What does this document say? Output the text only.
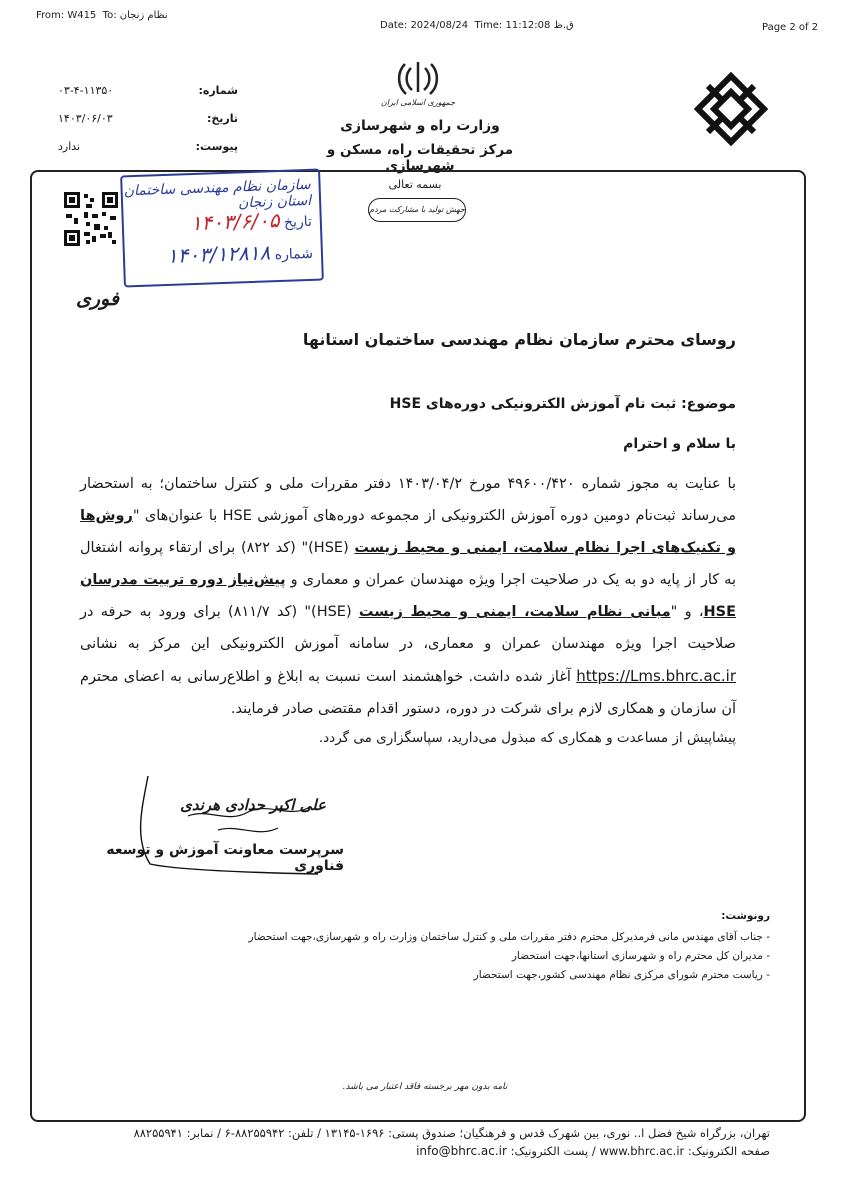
From: W415 To: نظام زنجان
Date: 2024/08/24 Time: 11:12:08 ق.ظ	Page 2 of 2
شماره:
۰۳-۴-۱۱۳۵۰
تاریخ:
۱۴۰۳/۰۶/۰۳
پیوست:
ندارد
جمهوری اسلامی ایران
وزارت راه و شهرسازی
مرکز تحقیقات راه، مسکن و شهرسازی
بسمه تعالی
جهش تولید با مشارکت مردم
سازمان نظام مهندسی ساختمان استان زنجان
تاریخ ۱۴۰۳/۶/۰۵
شماره ۱۴۰۳/۱۲۸۱۸
فوری
روسای محترم سازمان نظام مهندسی ساختمان استانها
موضوع: ثبت نام آموزش الکترونیکی دوره‌های HSE
با سلام و احترام
با عنایت به مجوز شماره ۴۹۶۰۰/۴۲۰ مورخ ۱۴۰۳/۰۴/۲ دفتر مقررات ملی و کنترل ساختمان؛ به استحضار می‌رساند ثبت‌نام دومین دوره آموزش الکترونیکی از مجموعه دوره‌های آموزشی HSE با عنوان‌های "روش‌ها و تکنیک‌های اجرا نظام سلامت، ایمنی و محیط زیست (HSE)" (کد ۸۲۲) برای ارتقاء پروانه اشتغال به کار از پایه دو به یک در صلاحیت اجرا ویژه مهندسان عمران و معماری و پیش‌نیاز دوره تربیت مدرسان HSE، و "مبانی نظام سلامت، ایمنی و محیط زیست (HSE)" (کد ۸۱۱/۷) برای ورود به حرفه در صلاحیت اجرا ویژه مهندسان عمران و معماری، در سامانه آموزش الکترونیکی این مرکز به نشانی https://Lms.bhrc.ac.ir آغاز شده داشت. خواهشمند است نسبت به ابلاغ و اطلاع‌رسانی به اعضای محترم آن سازمان و همکاری لازم برای شرکت در دوره، دستور اقدام مقتضی صادر فرمایند.
پیشاپیش از مساعدت و همکاری که مبذول می‌دارید، سپاسگزاری می گردد.
علی اکبر حدادی هرندی
سرپرست معاونت آموزش و توسعه فناوری
رونوشت:
- جناب آقای مهندس مانی فرمدیرکل محترم دفتر مقررات ملی و کنترل ساختمان وزارت راه و شهرسازی،جهت استحضار
- مدیران کل محترم راه و شهرسازی استانها،جهت استحضار
- ریاست محترم شورای مرکزی نظام مهندسی کشور،جهت استحضار
نامه بدون مهر برجسته فاقد اعتبار می باشد.
تهران، بزرگراه شیخ فضل ا.. نوری، بین شهرک قدس و فرهنگیان؛ صندوق پستی: ۱۶۹۶-۱۳۱۴۵ / تلفن: ۸۸۲۵۵۹۴۲-۶ / نمابر: ۸۸۲۵۵۹۴۱
صفحه الکترونیک: www.bhrc.ac.ir / پست الکترونیک: info@bhrc.ac.ir
